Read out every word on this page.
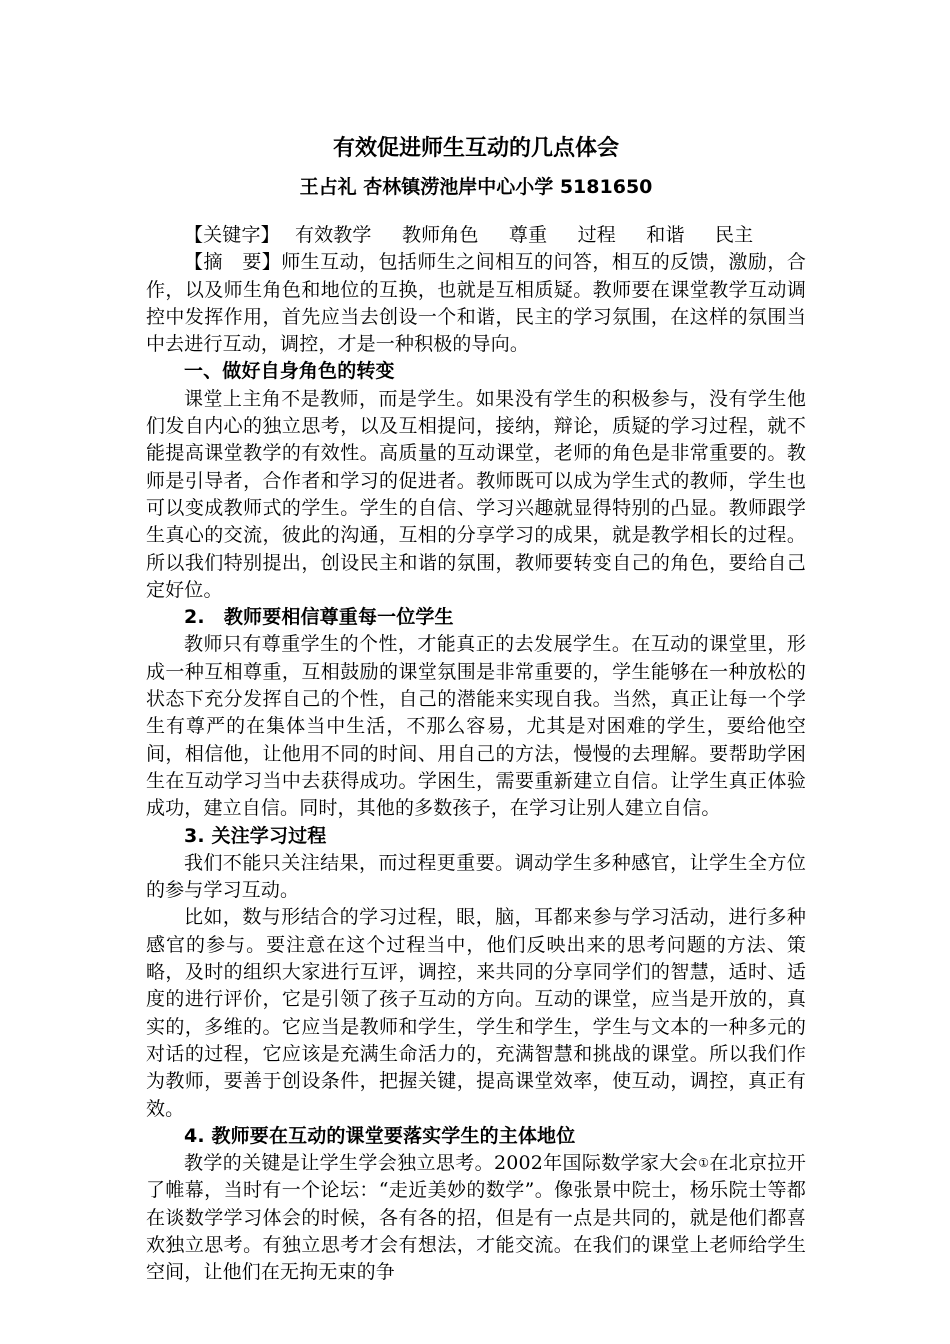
有效促进师生互动的几点体会
王占礼 杏林镇涝池岸中心小学 5181650

【关键字】 有效教学 教师角色 尊重 过程 和谐 民主

【摘　要】师生互动，包括师生之间相互的问答，相互的反馈，激励，合作，以及师生角色和地位的互换，也就是互相质疑。教师要在课堂教学互动调控中发挥作用，首先应当去创设一个和谐，民主的学习氛围，在这样的氛围当中去进行互动，调控，才是一种积极的导向。

一、做好自身角色的转变

课堂上主角不是教师，而是学生。如果没有学生的积极参与，没有学生他们发自内心的独立思考，以及互相提问，接纳，辩论，质疑的学习过程，就不能提高课堂教学的有效性。高质量的互动课堂，老师的角色是非常重要的。教师是引导者，合作者和学习的促进者。教师既可以成为学生式的教师，学生也可以变成教师式的学生。学生的自信、学习兴趣就显得特别的凸显。教师跟学生真心的交流，彼此的沟通，互相的分享学习的成果，就是教学相长的过程。所以我们特别提出，创设民主和谐的氛围，教师要转变自己的角色，要给自己定好位。

2.　教师要相信尊重每一位学生

教师只有尊重学生的个性，才能真正的去发展学生。在互动的课堂里，形成一种互相尊重，互相鼓励的课堂氛围是非常重要的，学生能够在一种放松的状态下充分发挥自己的个性，自己的潜能来实现自我。当然，真正让每一个学生有尊严的在集体当中生活，不那么容易，尤其是对困难的学生，要给他空间，相信他，让他用不同的时间、用自己的方法，慢慢的去理解。要帮助学困生在互动学习当中去获得成功。学困生，需要重新建立自信。让学生真正体验成功，建立自信。同时，其他的多数孩子，在学习让别人建立自信。

3. 关注学习过程

我们不能只关注结果，而过程更重要。调动学生多种感官，让学生全方位的参与学习互动。

比如，数与形结合的学习过程，眼，脑，耳都来参与学习活动，进行多种感官的参与。要注意在这个过程当中，他们反映出来的思考问题的方法、策略，及时的组织大家进行互评，调控，来共同的分享同学们的智慧，适时、适度的进行评价，它是引领了孩子互动的方向。互动的课堂，应当是开放的，真实的，多维的。它应当是教师和学生，学生和学生，学生与文本的一种多元的对话的过程，它应该是充满生命活力的，充满智慧和挑战的课堂。所以我们作为教师，要善于创设条件，把握关键，提高课堂效率，使互动，调控，真正有效。

4. 教师要在互动的课堂要落实学生的主体地位

教学的关键是让学生学会独立思考。2002年国际数学家大会①在北京拉开了帷幕，当时有一个论坛：“走近美妙的数学”。像张景中院士，杨乐院士等都在谈数学学习体会的时候，各有各的招，但是有一点是共同的，就是他们都喜欢独立思考。有独立思考才会有想法，才能交流。在我们的课堂上老师给学生空间，让他们在无拘无束的争
